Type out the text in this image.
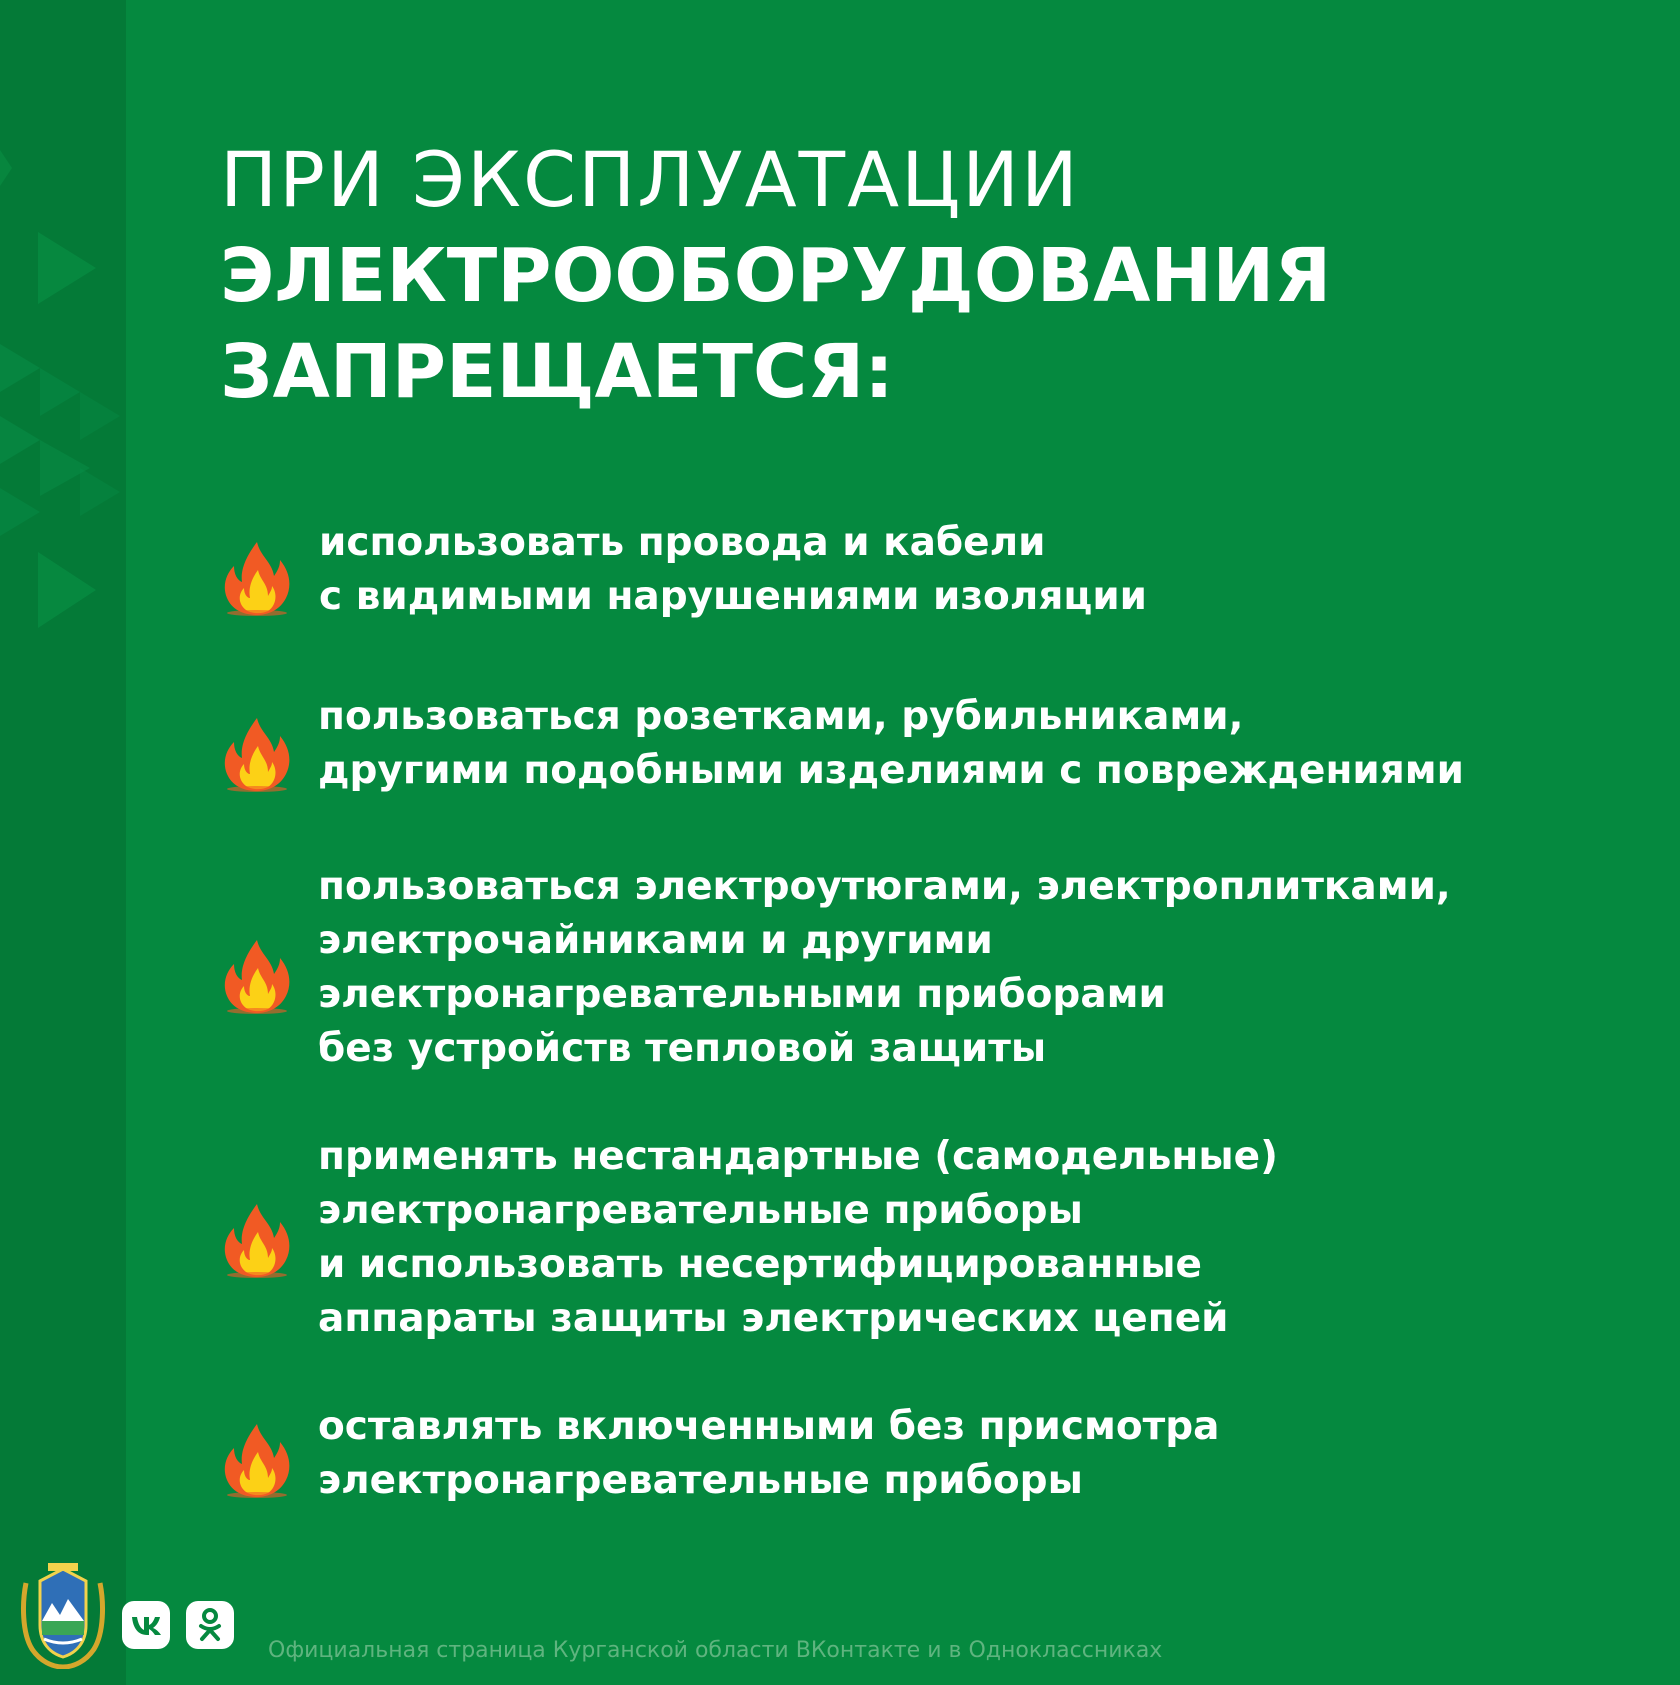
ПРИ ЭКСПЛУАТАЦИИ
ЭЛЕКТРООБОРУДОВАНИЯ
ЗАПРЕЩАЕТСЯ:
использовать провода и кабели
с видимыми нарушениями изоляции
пользоваться розетками, рубильниками,
другими подобными изделиями с повреждениями
пользоваться электроутюгами, электроплитками,
электрочайниками и другими
электронагревательными приборами
без устройств тепловой защиты
применять нестандартные (самодельные)
электронагревательные приборы
и использовать несертифицированные
аппараты защиты электрических цепей
оставлять включенными без присмотра
электронагревательные приборы
Официальная страница Курганской области ВКонтакте и в Одноклассниках
